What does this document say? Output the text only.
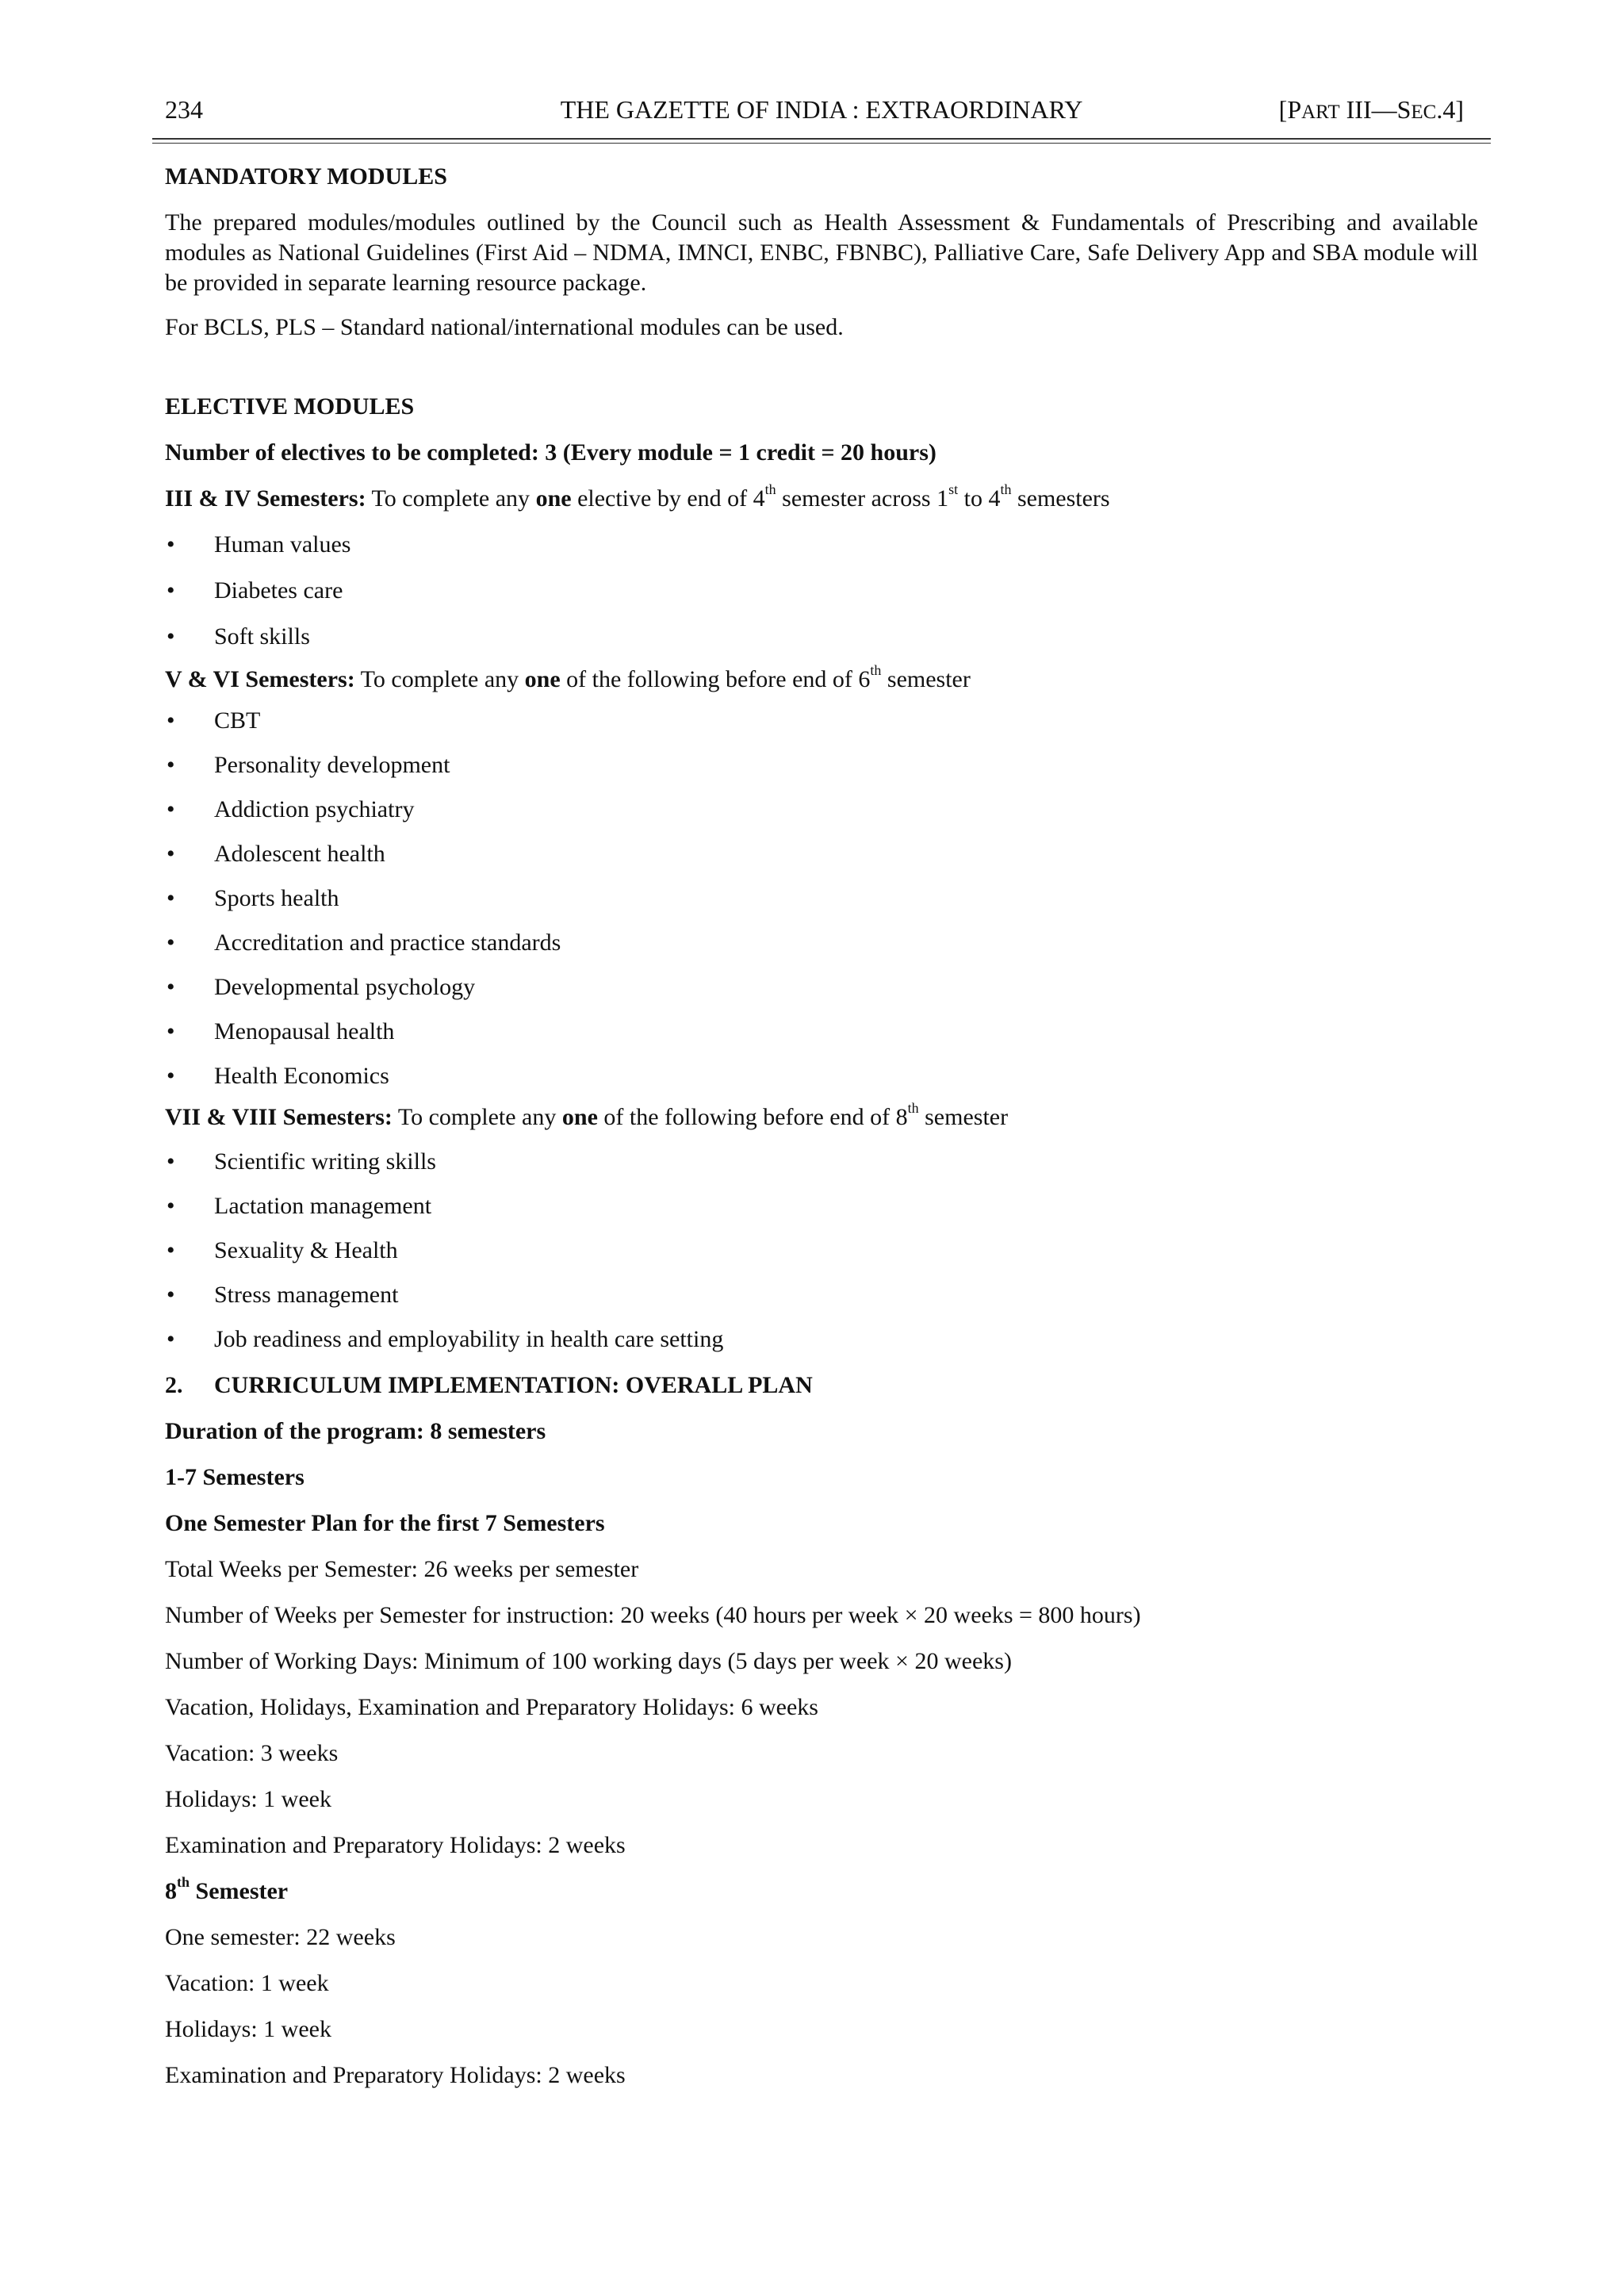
234	THE GAZETTE OF INDIA : EXTRAORDINARY	[PART III—SEC.4]

MANDATORY MODULES

The prepared modules/modules outlined by the Council such as Health Assessment & Fundamentals of Prescribing and available modules as National Guidelines (First Aid – NDMA, IMNCI, ENBC, FBNBC), Palliative Care, Safe Delivery App and SBA module will be provided in separate learning resource package.

For BCLS, PLS – Standard national/international modules can be used.

ELECTIVE MODULES

Number of electives to be completed: 3 (Every module = 1 credit = 20 hours)

III & IV Semesters: To complete any one elective by end of 4th semester across 1st to 4th semesters

• Human values

• Diabetes care

• Soft skills

V & VI Semesters: To complete any one of the following before end of 6th semester

• CBT

• Personality development

• Addiction psychiatry

• Adolescent health

• Sports health

• Accreditation and practice standards

• Developmental psychology

• Menopausal health

• Health Economics

VII & VIII Semesters: To complete any one of the following before end of 8th semester

• Scientific writing skills

• Lactation management

• Sexuality & Health

• Stress management

• Job readiness and employability in health care setting

2. CURRICULUM IMPLEMENTATION: OVERALL PLAN

Duration of the program: 8 semesters

1-7 Semesters

One Semester Plan for the first 7 Semesters

Total Weeks per Semester: 26 weeks per semester

Number of Weeks per Semester for instruction: 20 weeks (40 hours per week × 20 weeks = 800 hours)

Number of Working Days: Minimum of 100 working days (5 days per week × 20 weeks)

Vacation, Holidays, Examination and Preparatory Holidays: 6 weeks

Vacation: 3 weeks

Holidays: 1 week

Examination and Preparatory Holidays: 2 weeks

8th Semester

One semester: 22 weeks

Vacation: 1 week

Holidays: 1 week

Examination and Preparatory Holidays: 2 weeks
